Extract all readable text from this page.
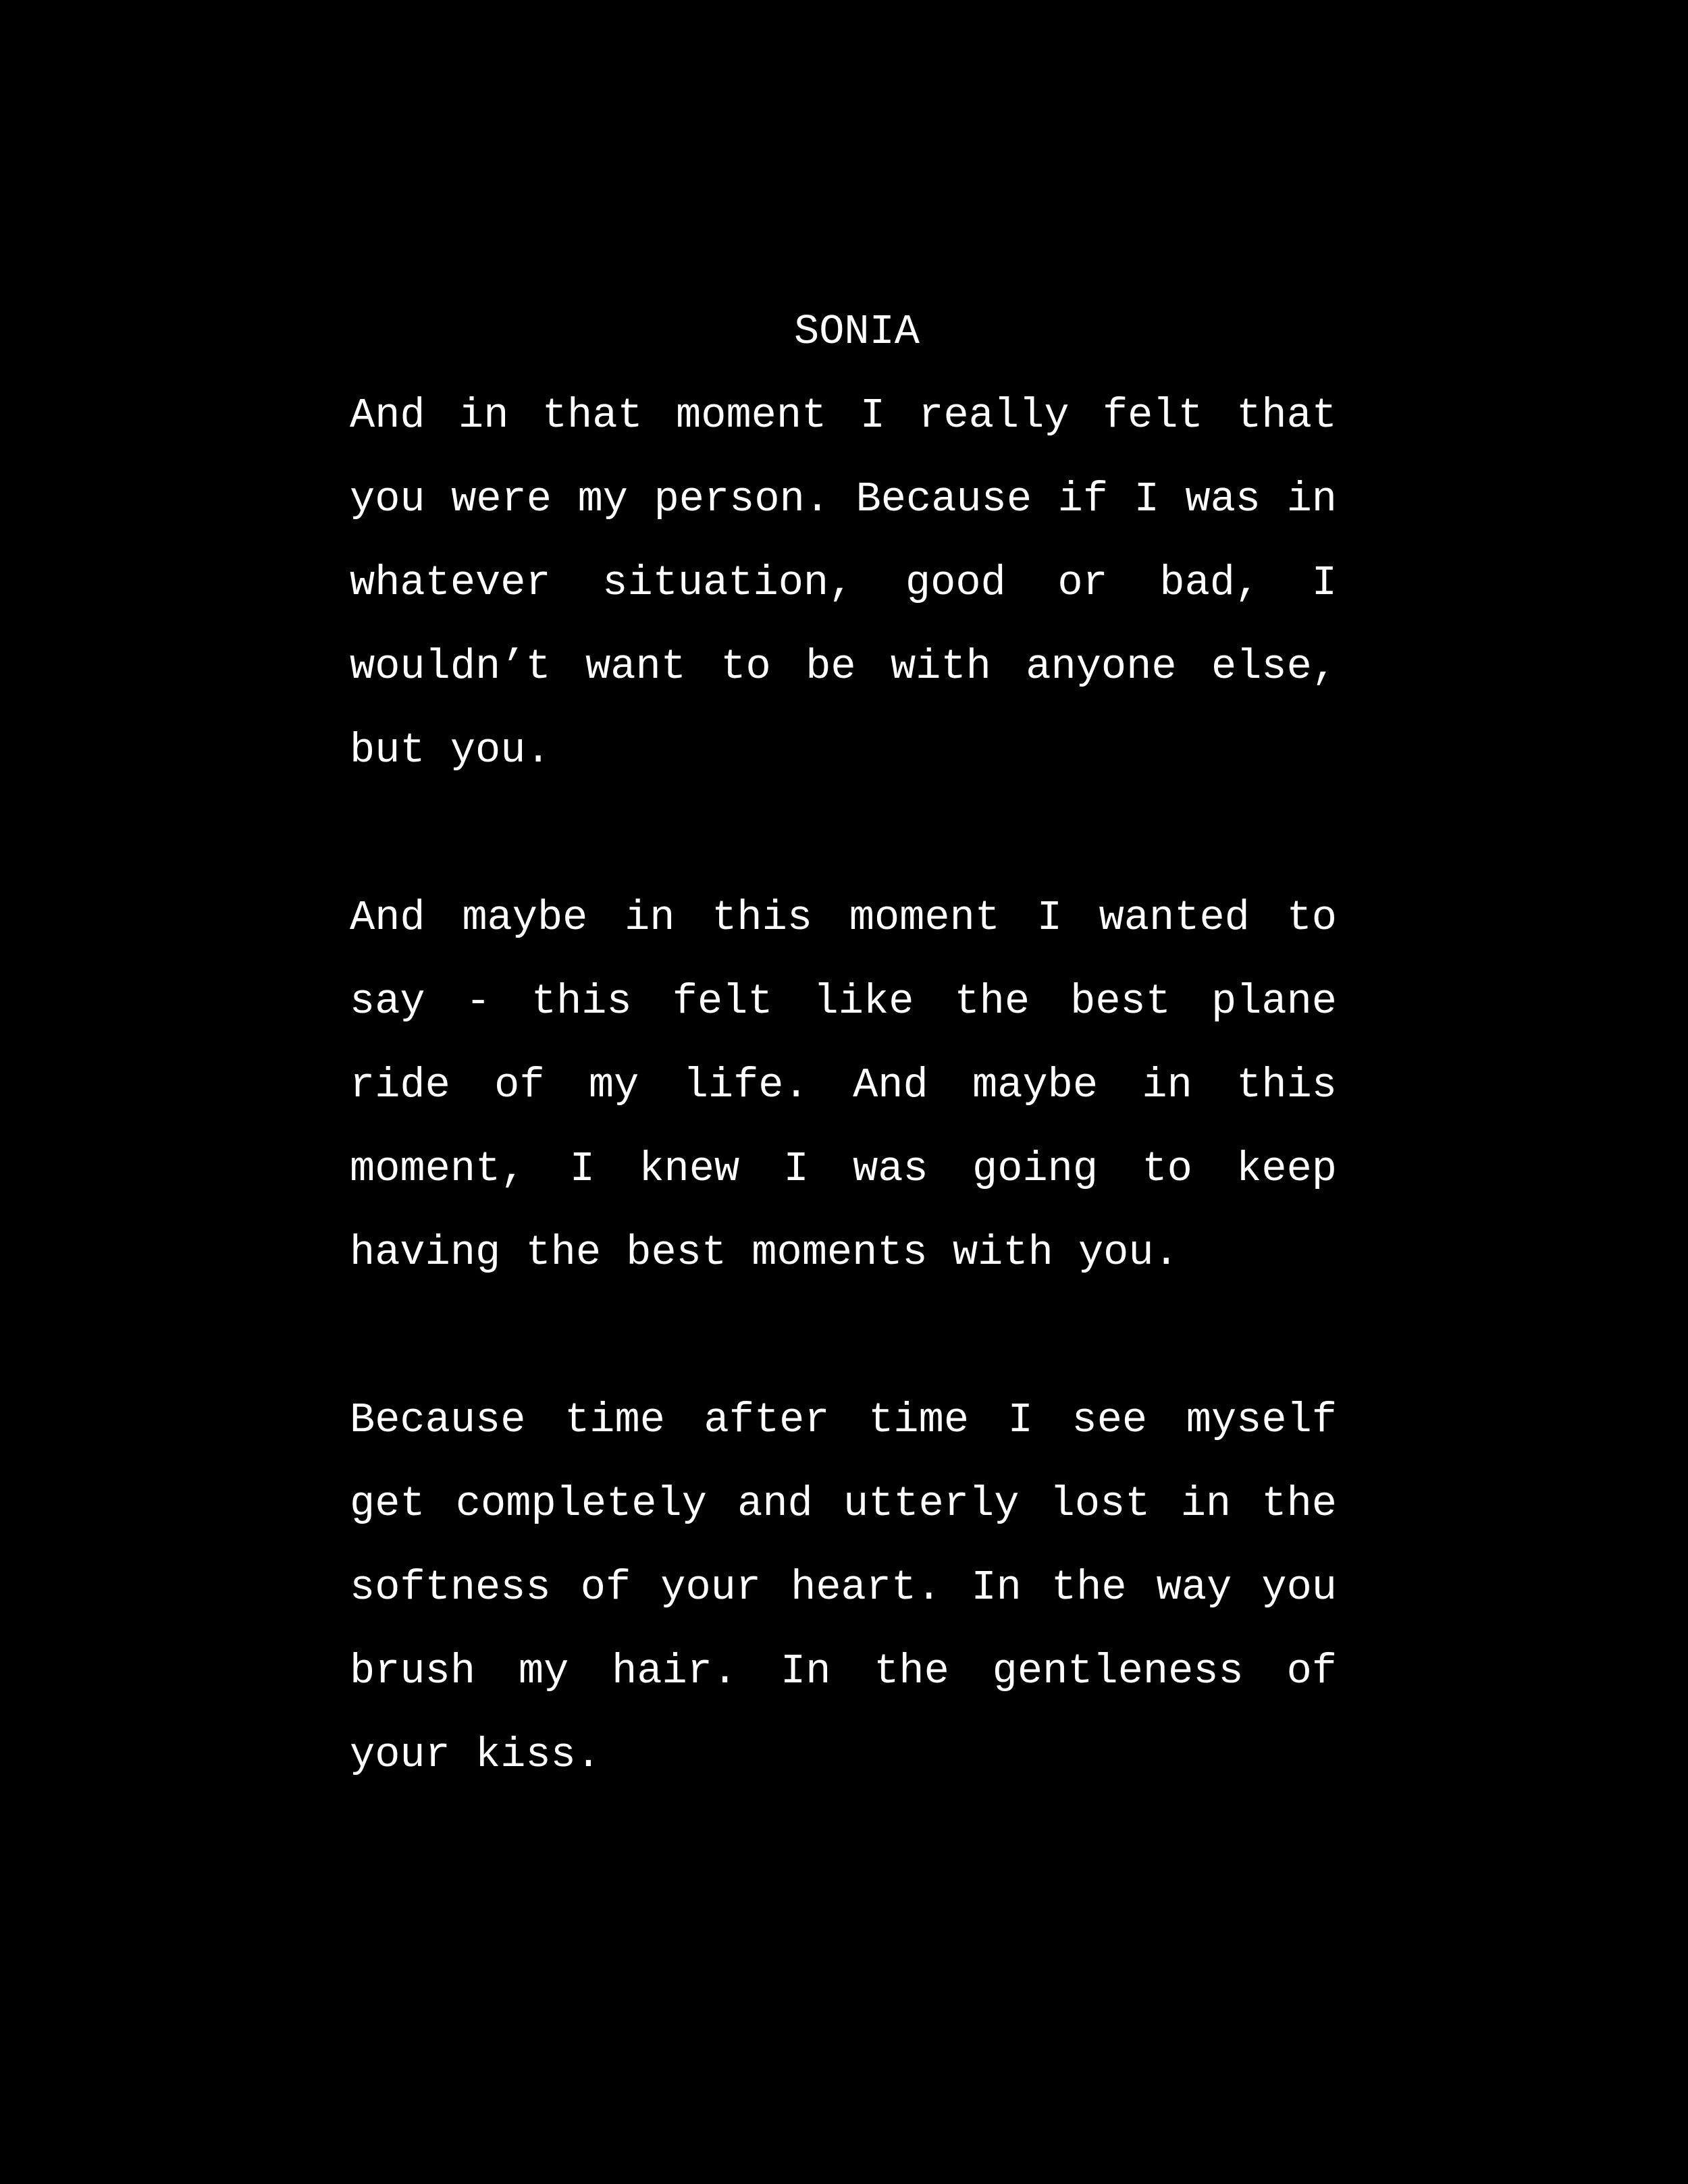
SONIA

And in that moment I really felt that you were my person. Because if I was in whatever situation, good or bad, I wouldn’t want to be with anyone else, but you.

And maybe in this moment I wanted to say - this felt like the best plane ride of my life. And maybe in this moment, I knew I was going to keep having the best moments with you.

Because time after time I see myself get completely and utterly lost in the softness of your heart. In the way you brush my hair. In the gentleness of your kiss.
